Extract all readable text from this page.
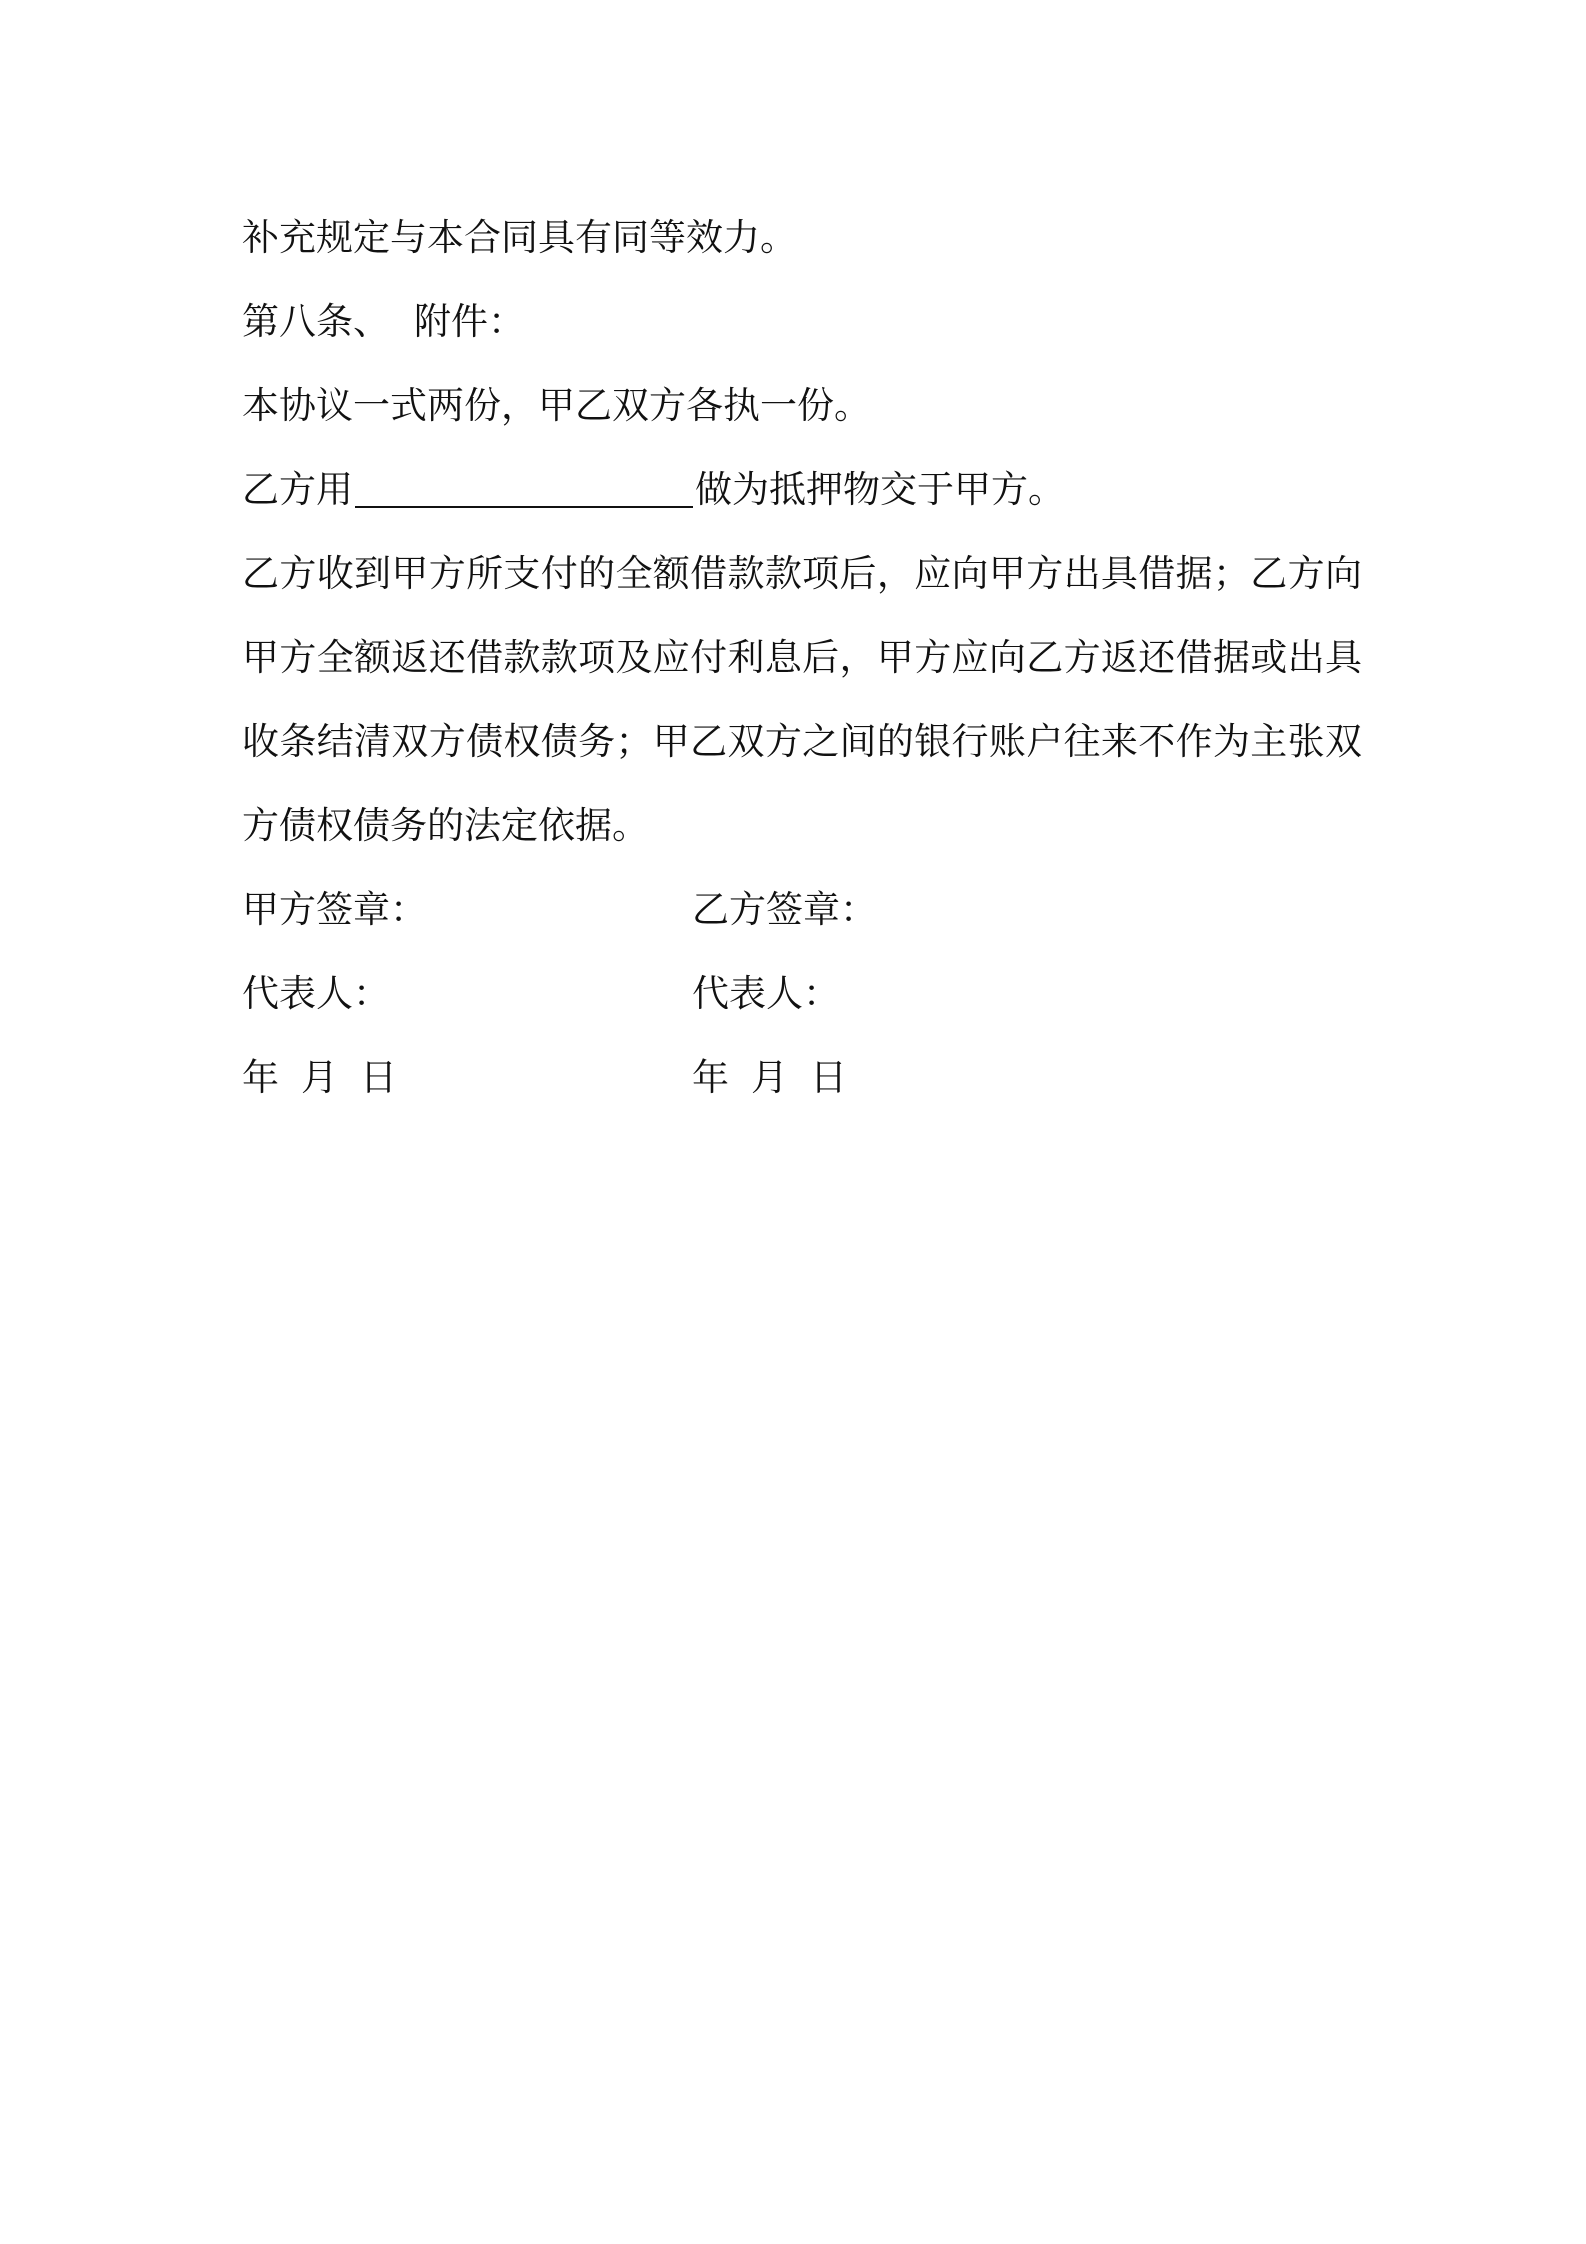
补充规定与本合同具有同等效力。
第八条、 附件：
本协议一式两份，甲乙双方各执一份。
乙方用	做为抵押物交于甲方。
乙方收到甲方所支付的全额借款款项后，应向甲方出具借据；乙方向甲方全额返还借款款项及应付利息后，甲方应向乙方返还借据或出具收条结清双方债权债务；甲乙双方之间的银行账户往来不作为主张双方债权债务的法定依据。
甲方签章：	乙方签章：
代表人：	代表人：
年 月 日	年 月 日
